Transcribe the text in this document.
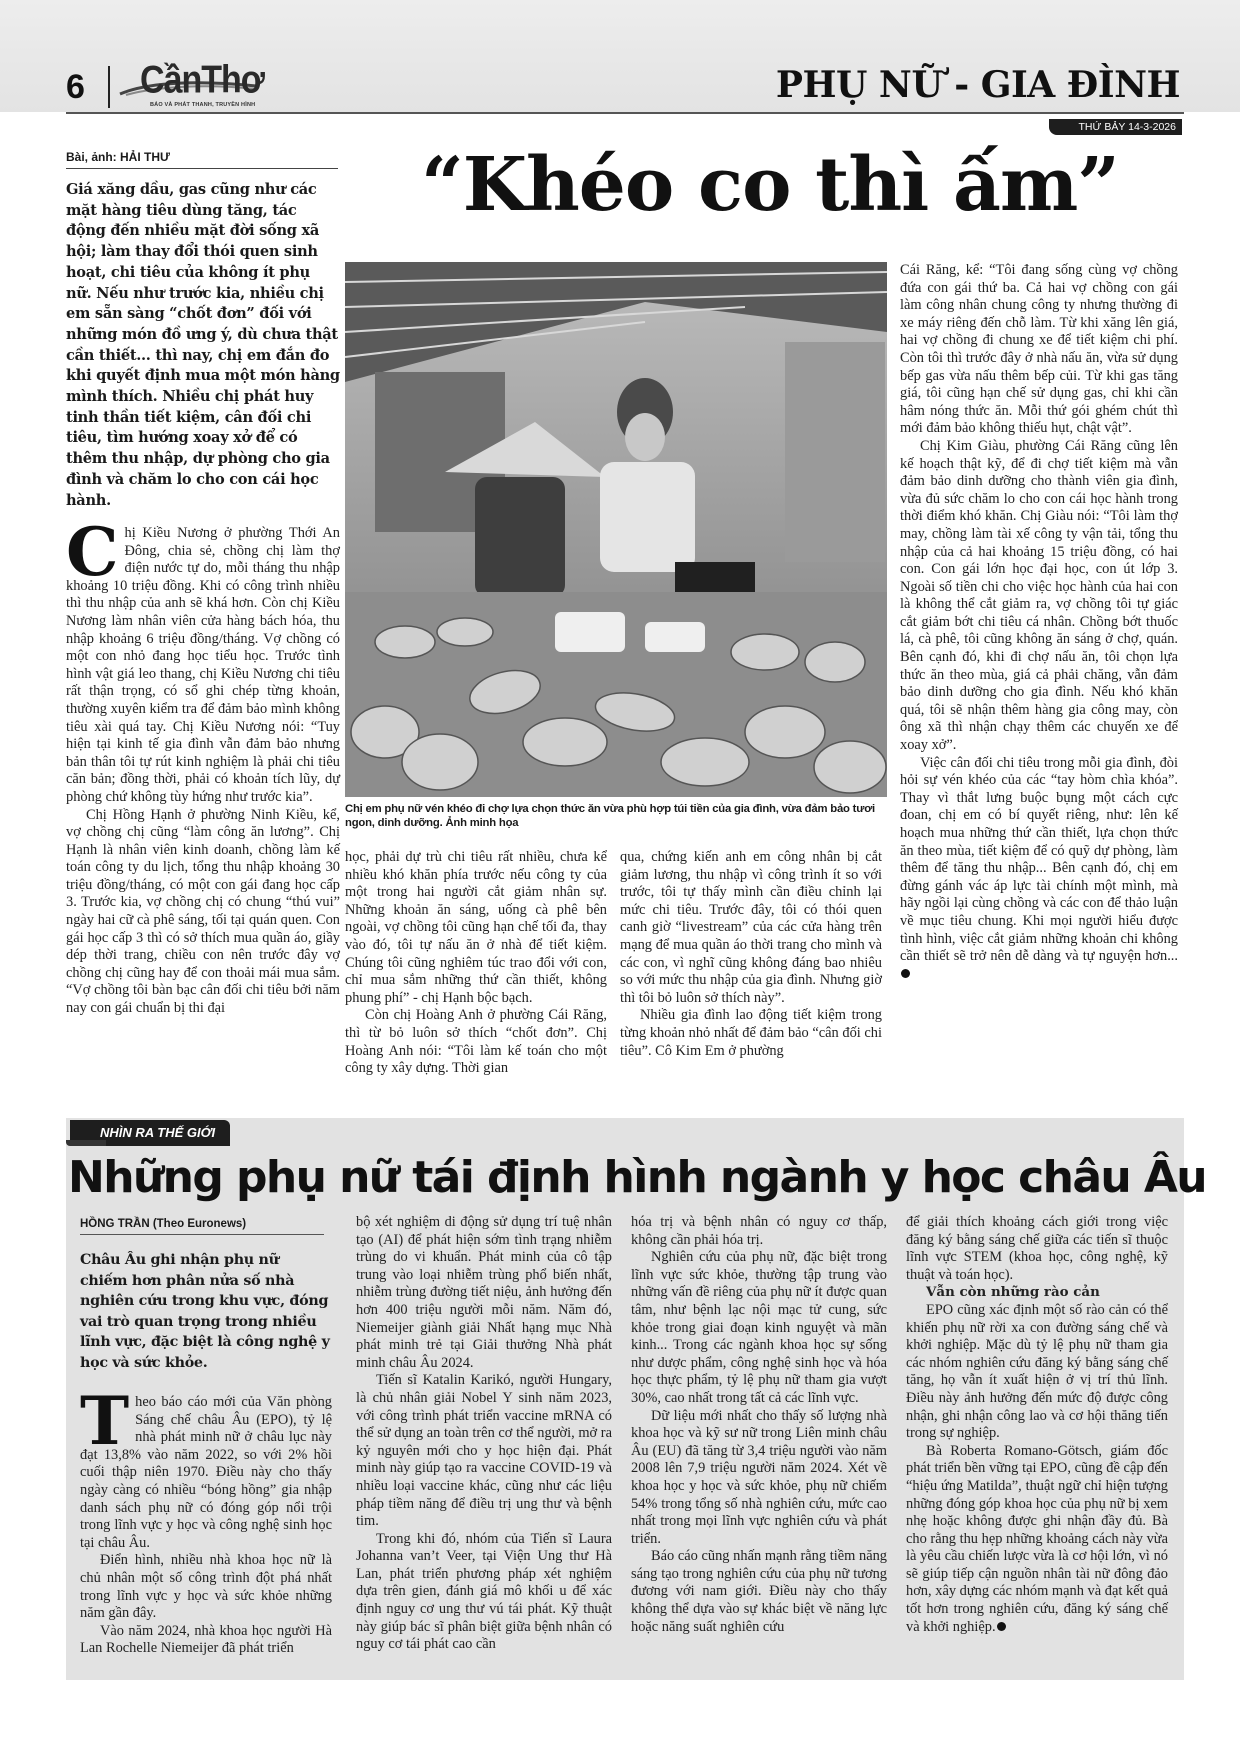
6 CầnThơ
BÁO VÀ PHÁT THANH, TRUYỀN HÌNH	PHỤ NỮ - GIA ĐÌNH
THỨ BẢY 14-3-2026
Bài, ảnh: HẢI THƯ
Giá xăng dầu, gas cũng như các mặt hàng tiêu dùng tăng, tác động đến nhiều mặt đời sống xã hội; làm thay đổi thói quen sinh hoạt, chi tiêu của không ít phụ nữ. Nếu như trước kia, nhiều chị em sẵn sàng “chốt đơn” đối với những món đồ ưng ý, dù chưa thật cần thiết… thì nay, chị em đắn đo khi quyết định mua một món hàng mình thích. Nhiều chị phát huy tinh thần tiết kiệm, cân đối chi tiêu, tìm hướng xoay xở để có thêm thu nhập, dự phòng cho gia đình và chăm lo cho con cái học hành.
“Khéo co thì ấm”
Chị em phụ nữ vén khéo đi chợ lựa chọn thức ăn vừa phù hợp túi tiền của gia đình, vừa đảm bảo tươi ngon, dinh dưỡng. Ảnh minh họa

Chị Kiều Nương ở phường Thới An Đông, chia sẻ, chồng chị làm thợ điện nước tự do, mỗi tháng thu nhập khoảng 10 triệu đồng. Khi có công trình nhiều thì thu nhập của anh sẽ khá hơn. Còn chị Kiều Nương làm nhân viên cửa hàng bách hóa, thu nhập khoảng 6 triệu đồng/tháng. Vợ chồng có một con nhỏ đang học tiểu học. Trước tình hình vật giá leo thang, chị Kiều Nương chi tiêu rất thận trọng, có sổ ghi chép từng khoản, thường xuyên kiểm tra để đảm bảo mình không tiêu xài quá tay. Chị Kiều Nương nói: “Tuy hiện tại kinh tế gia đình vẫn đảm bảo nhưng bản thân tôi tự rút kinh nghiệm là phải chi tiêu căn bản; đồng thời, phải có khoản tích lũy, dự phòng chứ không tùy hứng như trước kia”.

Chị Hồng Hạnh ở phường Ninh Kiều, kể, vợ chồng chị cũng “làm công ăn lương”. Chị Hạnh là nhân viên kinh doanh, chồng làm kế toán công ty du lịch, tổng thu nhập khoảng 30 triệu đồng/tháng, có một con gái đang học cấp 3. Trước kia, vợ chồng chị có chung “thú vui” ngày hai cữ cà phê sáng, tối tại quán quen. Con gái học cấp 3 thì có sở thích mua quần áo, giầy dép thời trang, chiều con nên trước đây vợ chồng chị cũng hay để con thoải mái mua sắm. “Vợ chồng tôi bàn bạc cân đối chi tiêu bởi năm nay con gái chuẩn bị thi đại

học, phải dự trù chi tiêu rất nhiều, chưa kể nhiều khó khăn phía trước nếu công ty của một trong hai người cắt giảm nhân sự. Những khoản ăn sáng, uống cà phê bên ngoài, vợ chồng tôi cũng hạn chế tối đa, thay vào đó, tôi tự nấu ăn ở nhà để tiết kiệm. Chúng tôi cũng nghiêm túc trao đổi với con, chỉ mua sắm những thứ cần thiết, không phung phí” - chị Hạnh bộc bạch.

Còn chị Hoàng Anh ở phường Cái Răng, thì từ bỏ luôn sở thích “chốt đơn”. Chị Hoàng Anh nói: “Tôi làm kế toán cho một công ty xây dựng. Thời gian

qua, chứng kiến anh em công nhân bị cắt giảm lương, thu nhập vì công trình ít so với trước, tôi tự thấy mình cần điều chỉnh lại mức chi tiêu. Trước đây, tôi có thói quen canh giờ “livestream” của các cửa hàng trên mạng để mua quần áo thời trang cho mình và các con, vì nghĩ cũng không đáng bao nhiêu so với mức thu nhập của gia đình. Nhưng giờ thì tôi bỏ luôn sở thích này”.

Nhiều gia đình lao động tiết kiệm trong từng khoản nhỏ nhất để đảm bảo “cân đối chi tiêu”. Cô Kim Em ở phường

Cái Răng, kể: “Tôi đang sống cùng vợ chồng đứa con gái thứ ba. Cả hai vợ chồng con gái làm công nhân chung công ty nhưng thường đi xe máy riêng đến chỗ làm. Từ khi xăng lên giá, hai vợ chồng đi chung xe để tiết kiệm chi phí. Còn tôi thì trước đây ở nhà nấu ăn, vừa sử dụng bếp gas vừa nấu thêm bếp củi. Từ khi gas tăng giá, tôi cũng hạn chế sử dụng gas, chỉ khi cần hâm nóng thức ăn. Mỗi thứ gói ghém chút thì mới đảm bảo không thiếu hụt, chật vật”.

Chị Kim Giàu, phường Cái Răng cũng lên kế hoạch thật kỹ, để đi chợ tiết kiệm mà vẫn đảm bảo dinh dưỡng cho thành viên gia đình, vừa đủ sức chăm lo cho con cái học hành trong thời điểm khó khăn. Chị Giàu nói: “Tôi làm thợ may, chồng làm tài xế công ty vận tải, tổng thu nhập của cả hai khoảng 15 triệu đồng, có hai con. Con gái lớn học đại học, con út lớp 3. Ngoài số tiền chi cho việc học hành của hai con là không thể cắt giảm ra, vợ chồng tôi tự giác cắt giảm bớt chi tiêu cá nhân. Chồng bớt thuốc lá, cà phê, tôi cũng không ăn sáng ở chợ, quán. Bên cạnh đó, khi đi chợ nấu ăn, tôi chọn lựa thức ăn theo mùa, giá cả phải chăng, vẫn đảm bảo dinh dưỡng cho gia đình. Nếu khó khăn quá, tôi sẽ nhận thêm hàng gia công may, còn ông xã thì nhận chạy thêm các chuyến xe để xoay xở”.

Việc cân đối chi tiêu trong mỗi gia đình, đòi hỏi sự vén khéo của các “tay hòm chìa khóa”. Thay vì thắt lưng buộc bụng một cách cực đoan, chị em có bí quyết riêng, như: lên kế hoạch mua những thứ cần thiết, lựa chọn thức ăn theo mùa, tiết kiệm để có quỹ dự phòng, làm thêm để tăng thu nhập... Bên cạnh đó, chị em đừng gánh vác áp lực tài chính một mình, mà hãy ngồi lại cùng chồng và các con để thảo luận về mục tiêu chung. Khi mọi người hiểu được tình hình, việc cắt giảm những khoản chi không cần thiết sẽ trở nên dễ dàng và tự nguyện hơn...

NHÌN RA THẾ GIỚI
Những phụ nữ tái định hình ngành y học châu Âu
HỒNG TRẦN (Theo Euronews)
Châu Âu ghi nhận phụ nữ chiếm hơn phân nửa số nhà nghiên cứu trong khu vực, đóng vai trò quan trọng trong nhiều lĩnh vực, đặc biệt là công nghệ y học và sức khỏe.

Theo báo cáo mới của Văn phòng Sáng chế châu Âu (EPO), tỷ lệ nhà phát minh nữ ở châu lục này đạt 13,8% vào năm 2022, so với 2% hồi cuối thập niên 1970. Điều này cho thấy ngày càng có nhiều “bóng hồng” gia nhập danh sách phụ nữ có đóng góp nổi trội trong lĩnh vực y học và công nghệ sinh học tại châu Âu.

Điển hình, nhiều nhà khoa học nữ là chủ nhân một số công trình đột phá nhất trong lĩnh vực y học và sức khỏe những năm gần đây.

Vào năm 2024, nhà khoa học người Hà Lan Rochelle Niemeijer đã phát triển

bộ xét nghiệm di động sử dụng trí tuệ nhân tạo (AI) để phát hiện sớm tình trạng nhiễm trùng do vi khuẩn. Phát minh của cô tập trung vào loại nhiễm trùng phổ biến nhất, nhiễm trùng đường tiết niệu, ảnh hưởng đến hơn 400 triệu người mỗi năm. Năm đó, Niemeijer giành giải Nhất hạng mục Nhà phát minh trẻ tại Giải thưởng Nhà phát minh châu Âu 2024.

Tiến sĩ Katalin Karikó, người Hungary, là chủ nhân giải Nobel Y sinh năm 2023, với công trình phát triển vaccine mRNA có thể sử dụng an toàn trên cơ thể người, mở ra kỷ nguyên mới cho y học hiện đại. Phát minh này giúp tạo ra vaccine COVID-19 và nhiều loại vaccine khác, cũng như các liệu pháp tiềm năng để điều trị ung thư và bệnh tim.

Trong khi đó, nhóm của Tiến sĩ Laura Johanna van’t Veer, tại Viện Ung thư Hà Lan, phát triển phương pháp xét nghiệm dựa trên gien, đánh giá mô khối u để xác định nguy cơ ung thư vú tái phát. Kỹ thuật này giúp bác sĩ phân biệt giữa bệnh nhân có nguy cơ tái phát cao cần

hóa trị và bệnh nhân có nguy cơ thấp, không cần phải hóa trị.

Nghiên cứu của phụ nữ, đặc biệt trong lĩnh vực sức khỏe, thường tập trung vào những vấn đề riêng của phụ nữ ít được quan tâm, như bệnh lạc nội mạc tử cung, sức khỏe trong giai đoạn kinh nguyệt và mãn kinh... Trong các ngành khoa học sự sống như dược phẩm, công nghệ sinh học và hóa học thực phẩm, tỷ lệ phụ nữ tham gia vượt 30%, cao nhất trong tất cả các lĩnh vực.

Dữ liệu mới nhất cho thấy số lượng nhà khoa học và kỹ sư nữ trong Liên minh châu Âu (EU) đã tăng từ 3,4 triệu người vào năm 2008 lên 7,9 triệu người năm 2024. Xét về khoa học y học và sức khỏe, phụ nữ chiếm 54% trong tổng số nhà nghiên cứu, mức cao nhất trong mọi lĩnh vực nghiên cứu và phát triển.

Báo cáo cũng nhấn mạnh rằng tiềm năng sáng tạo trong nghiên cứu của phụ nữ tương đương với nam giới. Điều này cho thấy không thể dựa vào sự khác biệt về năng lực hoặc năng suất nghiên cứu

để giải thích khoảng cách giới trong việc đăng ký bằng sáng chế giữa các tiến sĩ thuộc lĩnh vực STEM (khoa học, công nghệ, kỹ thuật và toán học).

Vẫn còn những rào cản

EPO cũng xác định một số rào cản có thể khiến phụ nữ rời xa con đường sáng chế và khởi nghiệp. Mặc dù tỷ lệ phụ nữ tham gia các nhóm nghiên cứu đăng ký bằng sáng chế tăng, họ vẫn ít xuất hiện ở vị trí thủ lĩnh. Điều này ảnh hưởng đến mức độ được công nhận, ghi nhận công lao và cơ hội thăng tiến trong sự nghiệp.

Bà Roberta Romano-Götsch, giám đốc phát triển bền vững tại EPO, cũng đề cập đến “hiệu ứng Matilda”, thuật ngữ chỉ hiện tượng những đóng góp khoa học của phụ nữ bị xem nhẹ hoặc không được ghi nhận đầy đủ. Bà cho rằng thu hẹp những khoảng cách này vừa là yêu cầu chiến lược vừa là cơ hội lớn, vì nó sẽ giúp tiếp cận nguồn nhân tài nữ đông đảo hơn, xây dựng các nhóm mạnh và đạt kết quả tốt hơn trong nghiên cứu, đăng ký sáng chế và khởi nghiệp.
